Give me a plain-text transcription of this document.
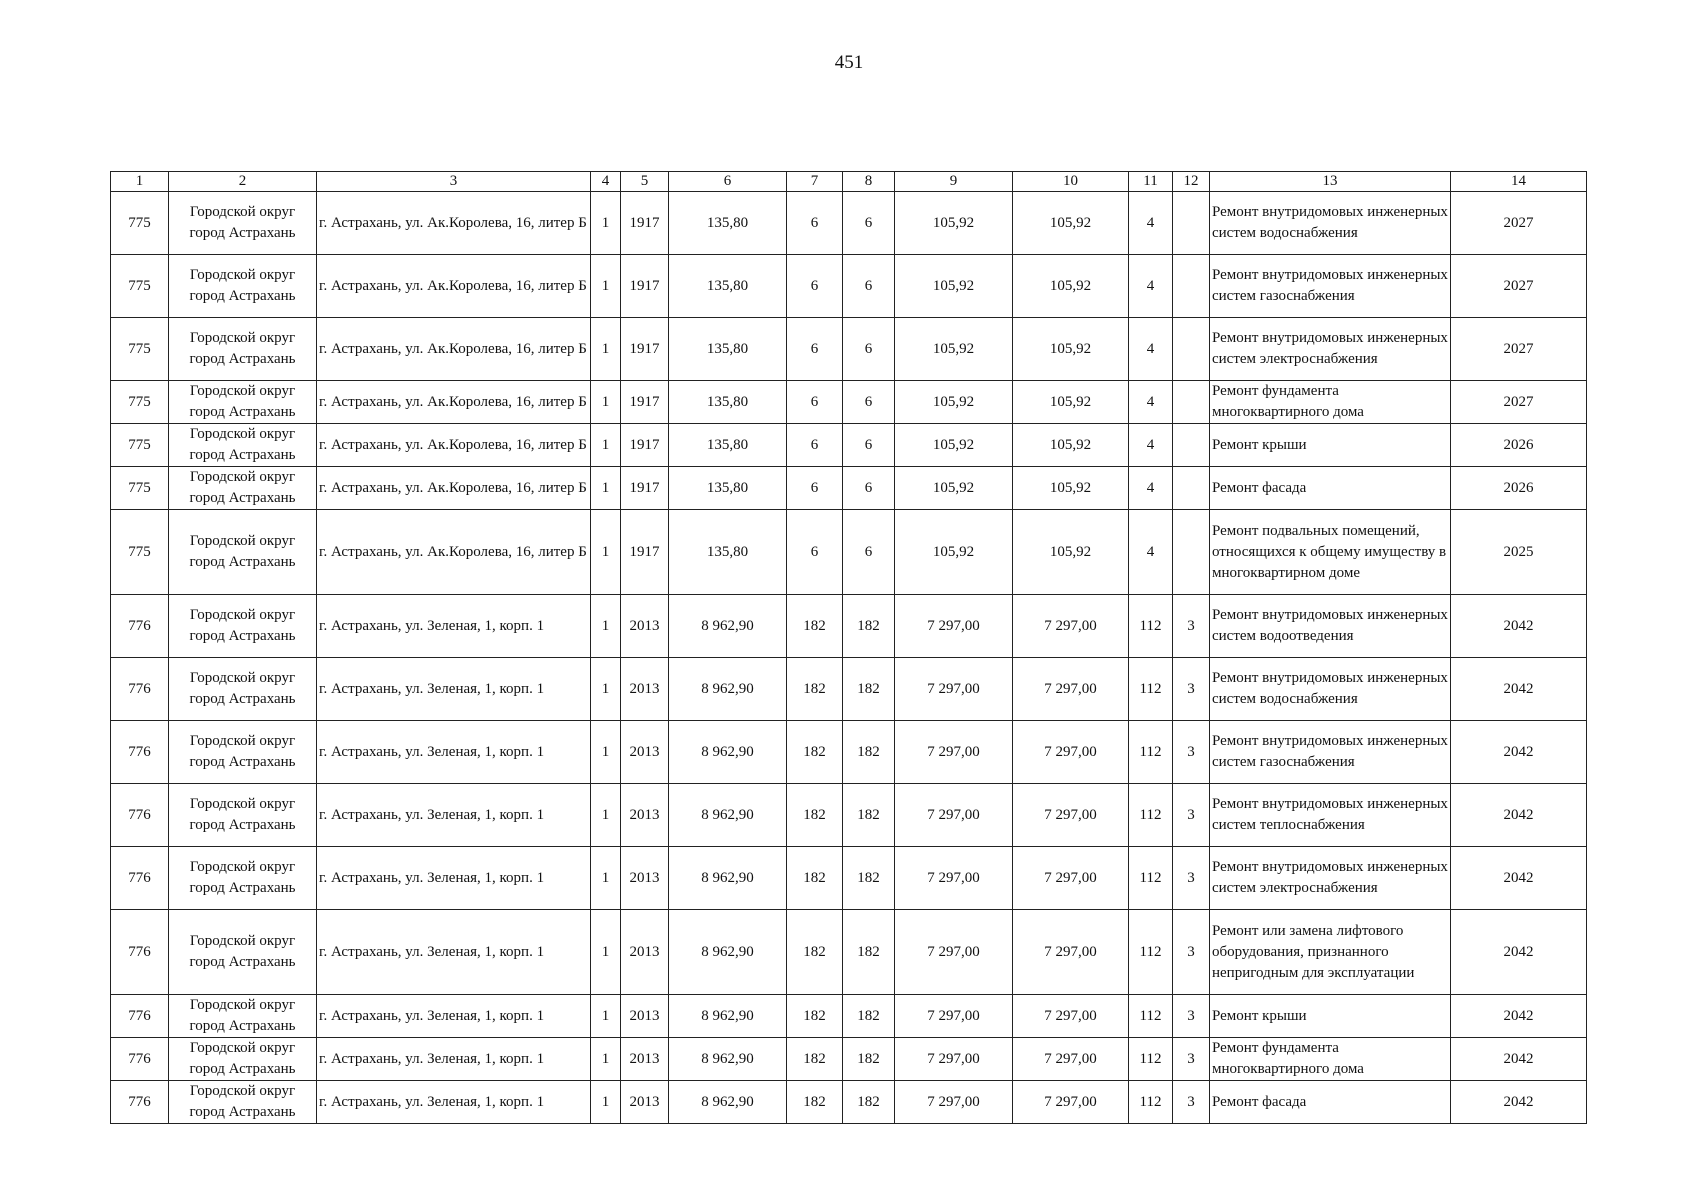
451
1	2	3	4	5	6	7	8	9	10	11	12	13	14
775	Городской округ город Астрахань	г. Астрахань, ул. Ак.Королева, 16, литер Б	1	1917	135,80	6	6	105,92	105,92	4		Ремонт внутридомовых инженерных систем водоснабжения	2027
775	Городской округ город Астрахань	г. Астрахань, ул. Ак.Королева, 16, литер Б	1	1917	135,80	6	6	105,92	105,92	4		Ремонт внутридомовых инженерных систем газоснабжения	2027
775	Городской округ город Астрахань	г. Астрахань, ул. Ак.Королева, 16, литер Б	1	1917	135,80	6	6	105,92	105,92	4		Ремонт внутридомовых инженерных систем электроснабжения	2027
775	Городской округ город Астрахань	г. Астрахань, ул. Ак.Королева, 16, литер Б	1	1917	135,80	6	6	105,92	105,92	4		Ремонт фундамента многоквартирного дома	2027
775	Городской округ город Астрахань	г. Астрахань, ул. Ак.Королева, 16, литер Б	1	1917	135,80	6	6	105,92	105,92	4		Ремонт крыши	2026
775	Городской округ город Астрахань	г. Астрахань, ул. Ак.Королева, 16, литер Б	1	1917	135,80	6	6	105,92	105,92	4		Ремонт фасада	2026
775	Городской округ город Астрахань	г. Астрахань, ул. Ак.Королева, 16, литер Б	1	1917	135,80	6	6	105,92	105,92	4		Ремонт подвальных помещений, относящихся к общему имуществу в многоквартирном доме	2025
776	Городской округ город Астрахань	г. Астрахань, ул. Зеленая, 1, корп. 1	1	2013	8 962,90	182	182	7 297,00	7 297,00	112	3	Ремонт внутридомовых инженерных систем водоотведения	2042
776	Городской округ город Астрахань	г. Астрахань, ул. Зеленая, 1, корп. 1	1	2013	8 962,90	182	182	7 297,00	7 297,00	112	3	Ремонт внутридомовых инженерных систем водоснабжения	2042
776	Городской округ город Астрахань	г. Астрахань, ул. Зеленая, 1, корп. 1	1	2013	8 962,90	182	182	7 297,00	7 297,00	112	3	Ремонт внутридомовых инженерных систем газоснабжения	2042
776	Городской округ город Астрахань	г. Астрахань, ул. Зеленая, 1, корп. 1	1	2013	8 962,90	182	182	7 297,00	7 297,00	112	3	Ремонт внутридомовых инженерных систем теплоснабжения	2042
776	Городской округ город Астрахань	г. Астрахань, ул. Зеленая, 1, корп. 1	1	2013	8 962,90	182	182	7 297,00	7 297,00	112	3	Ремонт внутридомовых инженерных систем электроснабжения	2042
776	Городской округ город Астрахань	г. Астрахань, ул. Зеленая, 1, корп. 1	1	2013	8 962,90	182	182	7 297,00	7 297,00	112	3	Ремонт или замена лифтового оборудования, признанного непригодным для эксплуатации	2042
776	Городской округ город Астрахань	г. Астрахань, ул. Зеленая, 1, корп. 1	1	2013	8 962,90	182	182	7 297,00	7 297,00	112	3	Ремонт крыши	2042
776	Городской округ город Астрахань	г. Астрахань, ул. Зеленая, 1, корп. 1	1	2013	8 962,90	182	182	7 297,00	7 297,00	112	3	Ремонт фундамента многоквартирного дома	2042
776	Городской округ город Астрахань	г. Астрахань, ул. Зеленая, 1, корп. 1	1	2013	8 962,90	182	182	7 297,00	7 297,00	112	3	Ремонт фасада	2042
